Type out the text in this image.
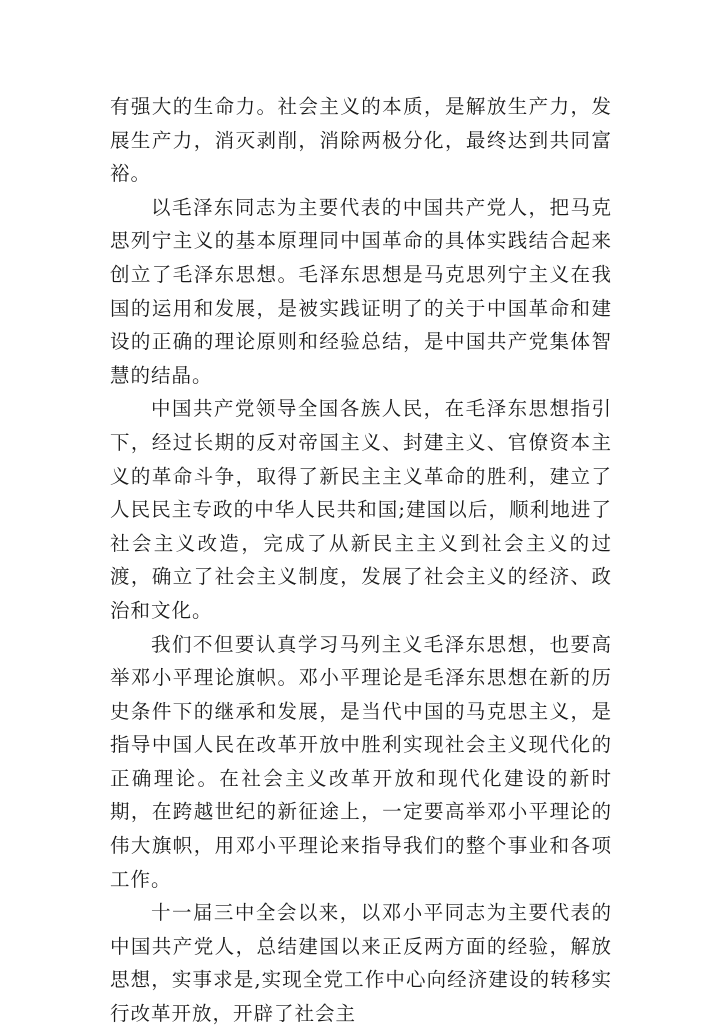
有强大的生命力。社会主义的本质，是解放生产力，发展生产力，消灭剥削，消除两极分化，最终达到共同富裕。

以毛泽东同志为主要代表的中国共产党人，把马克思列宁主义的基本原理同中国革命的具体实践结合起来创立了毛泽东思想。毛泽东思想是马克思列宁主义在我国的运用和发展，是被实践证明了的关于中国革命和建设的正确的理论原则和经验总结，是中国共产党集体智慧的结晶。

中国共产党领导全国各族人民，在毛泽东思想指引下，经过长期的反对帝国主义、封建主义、官僚资本主义的革命斗争，取得了新民主主义革命的胜利，建立了人民民主专政的中华人民共和国;建国以后，顺利地进了社会主义改造，完成了从新民主主义到社会主义的过渡，确立了社会主义制度，发展了社会主义的经济、政治和文化。

我们不但要认真学习马列主义毛泽东思想，也要高举邓小平理论旗帜。邓小平理论是毛泽东思想在新的历史条件下的继承和发展，是当代中国的马克思主义，是指导中国人民在改革开放中胜利实现社会主义现代化的正确理论。在社会主义改革开放和现代化建设的新时期，在跨越世纪的新征途上，一定要高举邓小平理论的伟大旗帜，用邓小平理论来指导我们的整个事业和各项工作。

十一届三中全会以来，以邓小平同志为主要代表的中国共产党人，总结建国以来正反两方面的经验，解放思想，实事求是,实现全党工作中心向经济建设的转移实行改革开放，开辟了社会主
